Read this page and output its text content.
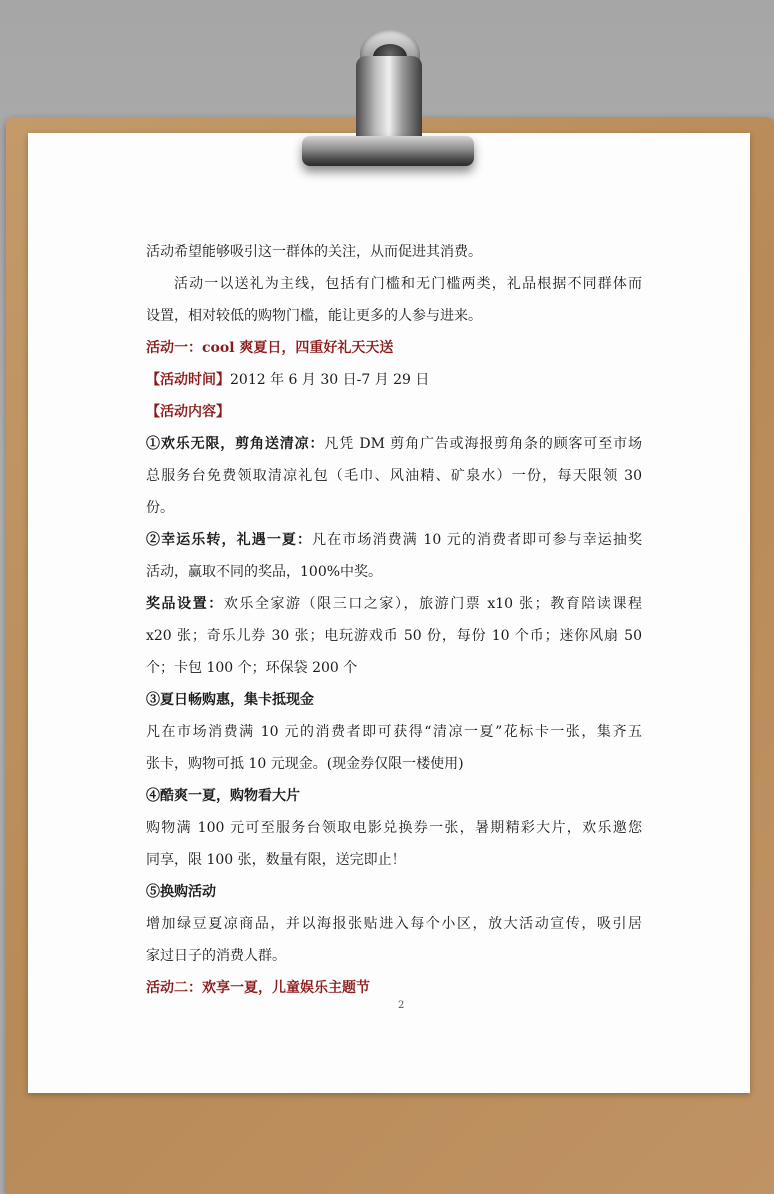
活动希望能够吸引这一群体的关注，从而促进其消费。
活动一以送礼为主线，包括有门槛和无门槛两类，礼品根据不同群体而
设置，相对较低的购物门槛，能让更多的人参与进来。
活动一：cool 爽夏日，四重好礼天天送
【活动时间】2012 年 6 月 30 日-7 月 29 日
【活动内容】
①欢乐无限，剪角送清凉：凡凭 DM 剪角广告或海报剪角条的顾客可至市场
总服务台免费领取清凉礼包（毛巾、风油精、矿泉水）一份，每天限领 30
份。
②幸运乐转，礼遇一夏：凡在市场消费满 10 元的消费者即可参与幸运抽奖
活动，赢取不同的奖品，100%中奖。
奖品设置：欢乐全家游（限三口之家），旅游门票 x10 张；教育陪读课程
x20 张；奇乐儿券 30 张；电玩游戏币 50 份，每份 10 个币；迷你风扇 50
个；卡包 100 个；环保袋 200 个
③夏日畅购惠，集卡抵现金
凡在市场消费满 10 元的消费者即可获得“清凉一夏”花标卡一张，集齐五
张卡，购物可抵 10 元现金。(现金券仅限一楼使用)
④酷爽一夏，购物看大片
购物满 100 元可至服务台领取电影兑换券一张，暑期精彩大片，欢乐邀您
同享，限 100 张，数量有限，送完即止！
⑤换购活动
增加绿豆夏凉商品，并以海报张贴进入每个小区，放大活动宣传，吸引居
家过日子的消费人群。
活动二：欢享一夏，儿童娱乐主题节
2
